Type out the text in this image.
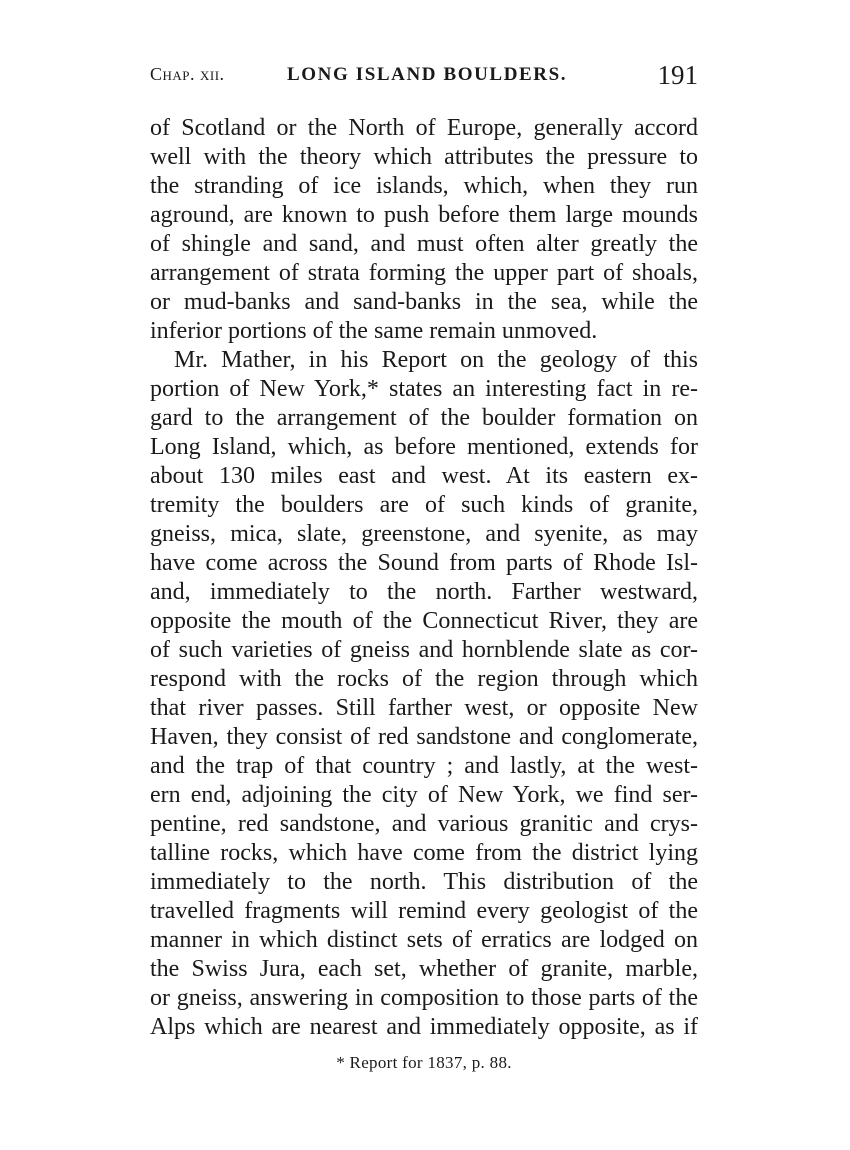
Chap. xii.	LONG ISLAND BOULDERS.	191

of Scotland or the North of Europe, generally accord
well with the theory which attributes the pressure to
the stranding of ice islands, which, when they run
aground, are known to push before them large mounds
of shingle and sand, and must often alter greatly the
arrangement of strata forming the upper part of shoals,
or mud-banks and sand-banks in the sea, while the
inferior portions of the same remain unmoved.

Mr. Mather, in his Report on the geology of this
portion of New York,* states an interesting fact in re-
gard to the arrangement of the boulder formation on
Long Island, which, as before mentioned, extends for
about 130 miles east and west. At its eastern ex-
tremity the boulders are of such kinds of granite,
gneiss, mica, slate, greenstone, and syenite, as may
have come across the Sound from parts of Rhode Isl-
and, immediately to the north. Farther westward,
opposite the mouth of the Connecticut River, they are
of such varieties of gneiss and hornblende slate as cor-
respond with the rocks of the region through which
that river passes. Still farther west, or opposite New
Haven, they consist of red sandstone and conglomerate,
and the trap of that country ; and lastly, at the west-
ern end, adjoining the city of New York, we find ser-
pentine, red sandstone, and various granitic and crys-
talline rocks, which have come from the district lying
immediately to the north. This distribution of the
travelled fragments will remind every geologist of the
manner in which distinct sets of erratics are lodged on
the Swiss Jura, each set, whether of granite, marble,
or gneiss, answering in composition to those parts of the
Alps which are nearest and immediately opposite, as if

* Report for 1837, p. 88.
